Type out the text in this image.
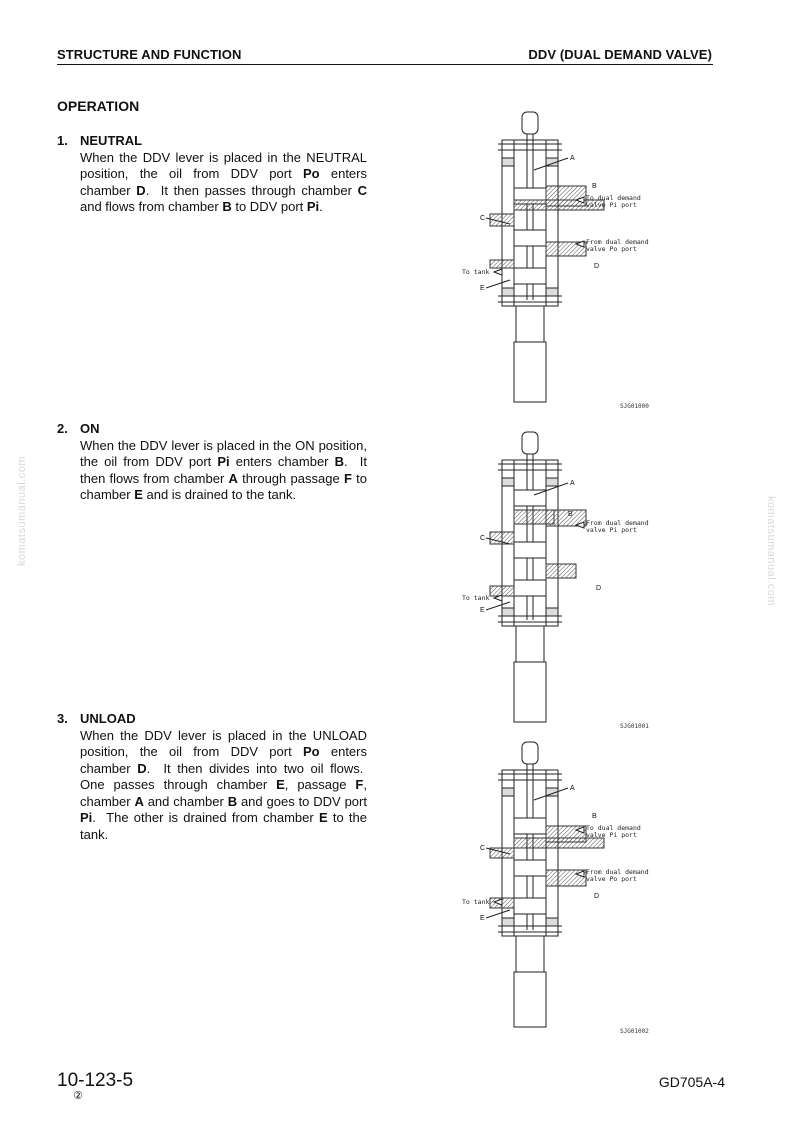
STRUCTURE AND FUNCTION	DDV (DUAL DEMAND VALVE)
OPERATION
1. NEUTRAL
When the DDV lever is placed in the NEUTRAL position, the oil from DDV port Po enters chamber D.  It then passes through chamber C and flows from chamber B to DDV port Pi.
2. ON
When the DDV lever is placed in the ON position, the oil from DDV port Pi enters chamber B.  It then flows from chamber A through passage F to chamber E and is drained to the tank.
3. UNLOAD
When the DDV lever is placed in the UNLOAD position, the oil from DDV port Po enters chamber D.  It then divides into two oil flows.  One passes through chamber E, passage F, chamber A and chamber B and goes to DDV port Pi.  The other is drained from chamber E to the tank.
A
B
C
D
E
To dual demand
valve Pi port
From dual demand
valve Po port
To tank
SJG01000
A
B
C
D
E
From dual demand
valve Pi port
To tank
SJG01001
A
B
C
D
E
To dual demand
valve Pi port
From dual demand
valve Po port
To tank
SJG01002
komatsumanual.com	komatsumanual.com
10-123-5
②
GD705A-4
